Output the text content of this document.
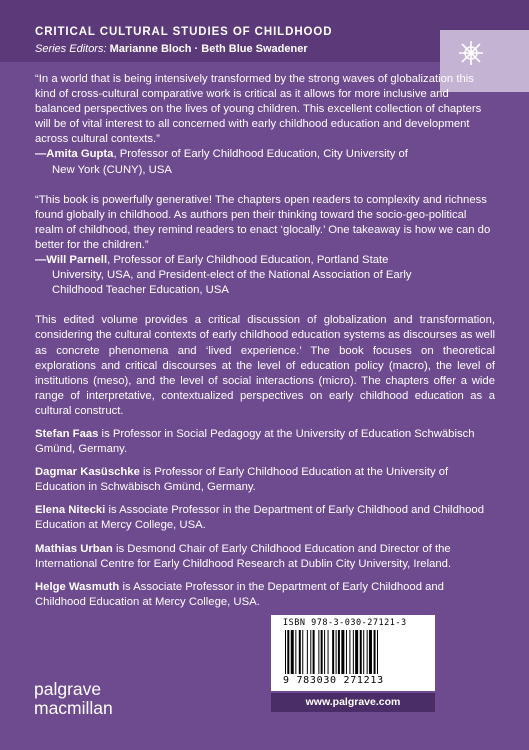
CRITICAL CULTURAL STUDIES OF CHILDHOOD
Series Editors: Marianne Bloch · Beth Blue Swadener
“In a world that is being intensively transformed by the strong waves of globalization this kind of cross-cultural comparative work is critical as it allows for more inclusive and balanced perspectives on the lives of young children. This excellent collection of chapters will be of vital interest to all concerned with early childhood education and development across cultural contexts.”
—Amita Gupta, Professor of Early Childhood Education, City University of
New York (CUNY), USA
“This book is powerfully generative! The chapters open readers to complexity and richness found globally in childhood. As authors pen their thinking toward the socio-geo-political realm of childhood, they remind readers to enact ‘glocally.’ One takeaway is how we can do better for the children.”
—Will Parnell, Professor of Early Childhood Education, Portland State
University, USA, and President-elect of the National Association of Early
Childhood Teacher Education, USA
This edited volume provides a critical discussion of globalization and transformation, considering the cultural contexts of early childhood education systems as discourses as well as concrete phenomena and ‘lived experience.’ The book focuses on theoretical explorations and critical discourses at the level of education policy (macro), the level of institutions (meso), and the level of social interactions (micro). The chapters offer a wide range of interpretative, contextualized perspectives on early childhood education as a cultural construct.
Stefan Faas is Professor in Social Pedagogy at the University of Education Schwäbisch Gmünd, Germany.
Dagmar Kasüschke is Professor of Early Childhood Education at the University of Education in Schwäbisch Gmünd, Germany.
Elena Nitecki is Associate Professor in the Department of Early Childhood and Childhood Education at Mercy College, USA.
Mathias Urban is Desmond Chair of Early Childhood Education and Director of the International Centre for Early Childhood Research at Dublin City University, Ireland.
Helge Wasmuth is Associate Professor in the Department of Early Childhood and Childhood Education at Mercy College, USA.
ISBN 978-3-030-27121-3
9 783030 271213
www.palgrave.com
palgrave
macmillan
